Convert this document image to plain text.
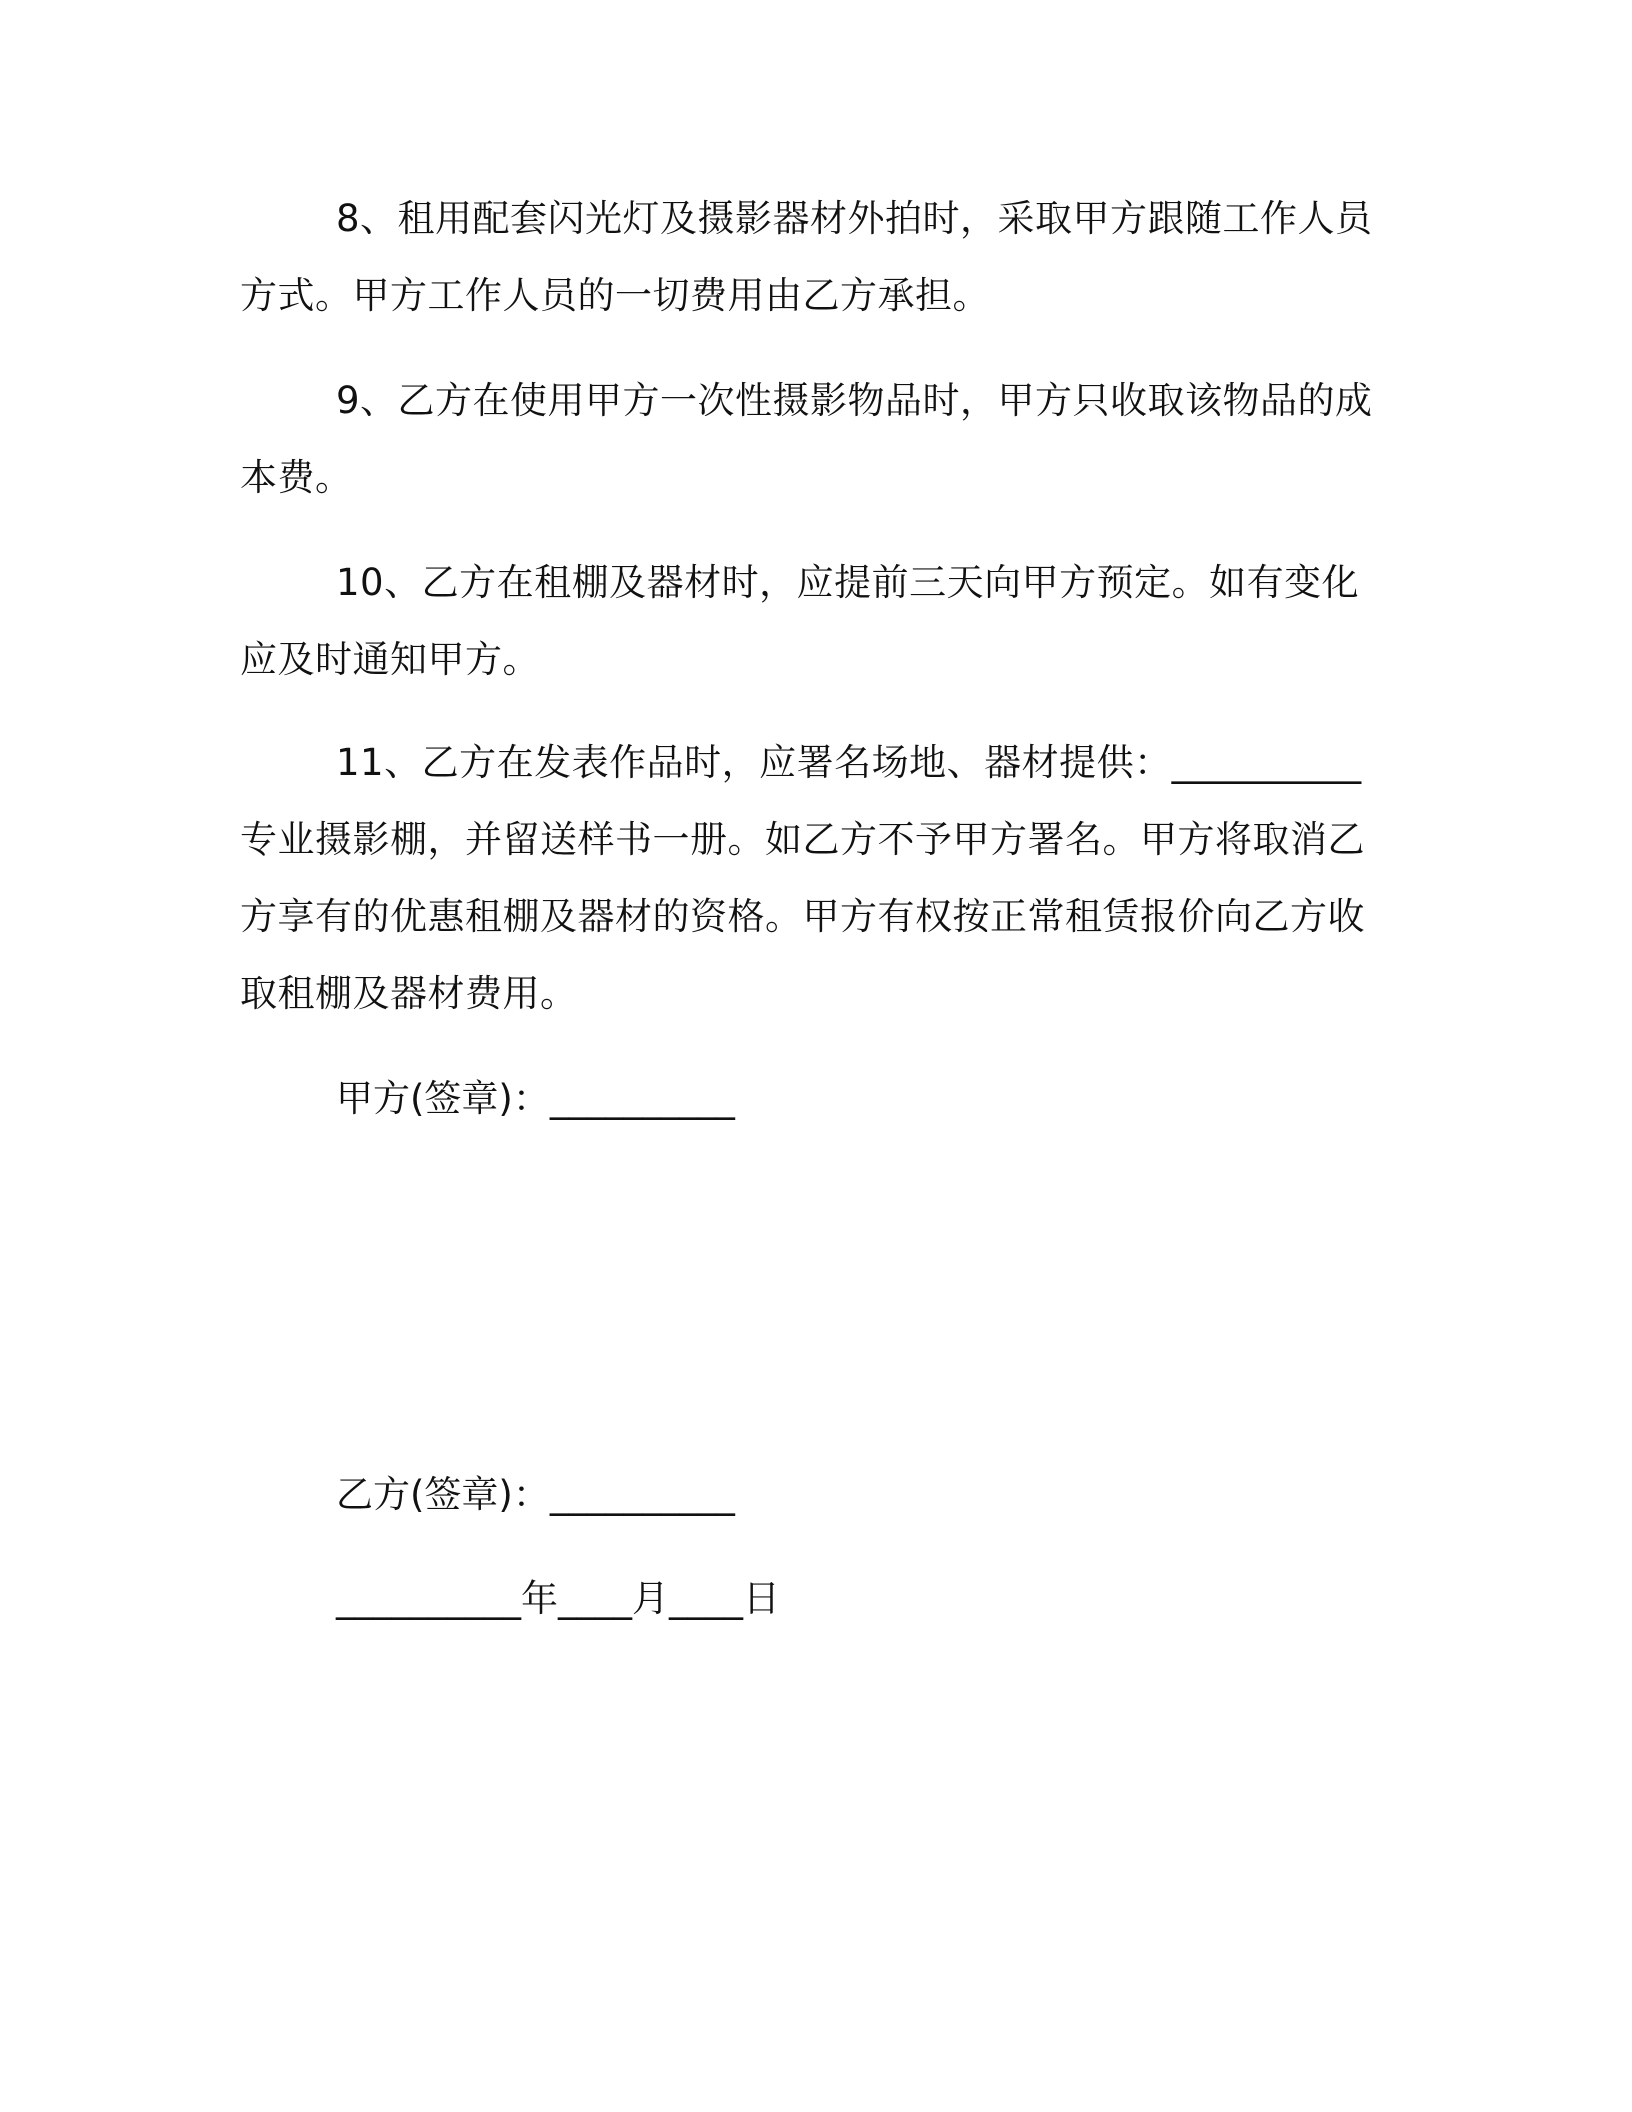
8、租用配套闪光灯及摄影器材外拍时，采取甲方跟随工作人员方式。甲方工作人员的一切费用由乙方承担。

9、乙方在使用甲方一次性摄影物品时，甲方只收取该物品的成本费。

10、乙方在租棚及器材时，应提前三天向甲方预定。如有变化应及时通知甲方。

11、乙方在发表作品时，应署名场地、器材提供：__________专业摄影棚，并留送样书一册。如乙方不予甲方署名。甲方将取消乙方享有的优惠租棚及器材的资格。甲方有权按正常租赁报价向乙方收取租棚及器材费用。

甲方(签章)：__________

乙方(签章)：__________

__________年____月____日
